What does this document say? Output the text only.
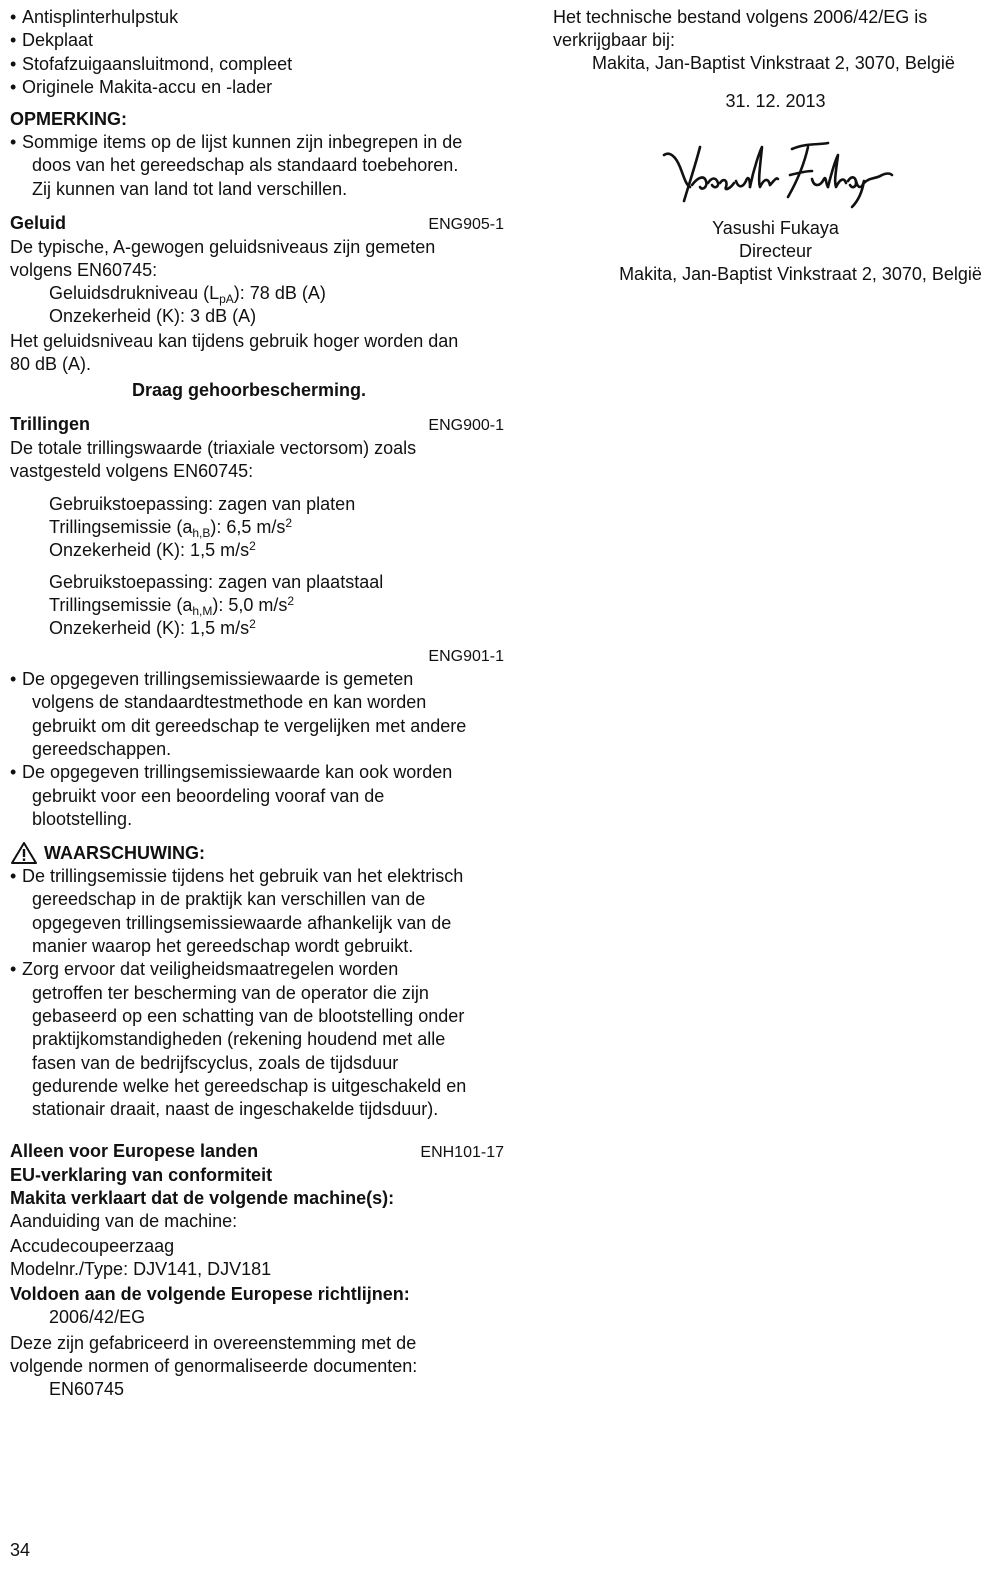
• Antisplinterhulpstuk
• Dekplaat
• Stofafzuigaansluitmond, compleet
• Originele Makita-accu en -lader
OPMERKING:
• Sommige items op de lijst kunnen zijn inbegrepen in de
doos van het gereedschap als standaard toebehoren.
Zij kunnen van land tot land verschillen.
Geluid	ENG905-1
De typische, A-gewogen geluidsniveaus zijn gemeten
volgens EN60745:
Geluidsdrukniveau $(L_{pA})$: 78 dB (A)
Onzekerheid (K): 3 dB (A)
Het geluidsniveau kan tijdens gebruik hoger worden dan
80 dB (A).
Draag gehoorbescherming.
Trillingen	ENG900-1
De totale trillingswaarde (triaxiale vectorsom) zoals
vastgesteld volgens EN60745:
Gebruikstoepassing: zagen van platen
Trillingsemissie $(a_{h,B})$: 6,5 $m/s^2$
Onzekerheid (K): 1,5 $m/s^2$
Gebruikstoepassing: zagen van plaatstaal
Trillingsemissie $(a_{h,M})$: 5,0 $m/s^2$
Onzekerheid (K): 1,5 $m/s^2$
ENG901-1
• De opgegeven trillingsemissiewaarde is gemeten
volgens de standaardtestmethode en kan worden
gebruikt om dit gereedschap te vergelijken met andere
gereedschappen.
• De opgegeven trillingsemissiewaarde kan ook worden
gebruikt voor een beoordeling vooraf van de
blootstelling.
WAARSCHUWING:
• De trillingsemissie tijdens het gebruik van het elektrisch
gereedschap in de praktijk kan verschillen van de
opgegeven trillingsemissiewaarde afhankelijk van de
manier waarop het gereedschap wordt gebruikt.
• Zorg ervoor dat veiligheidsmaatregelen worden
getroffen ter bescherming van de operator die zijn
gebaseerd op een schatting van de blootstelling onder
praktijkomstandigheden (rekening houdend met alle
fasen van de bedrijfscyclus, zoals de tijdsduur
gedurende welke het gereedschap is uitgeschakeld en
stationair draait, naast de ingeschakelde tijdsduur).
Alleen voor Europese landen	ENH101-17
EU-verklaring van conformiteit
Makita verklaart dat de volgende machine(s):
Aanduiding van de machine:
Accudecoupeerzaag
Modelnr./Type: DJV141, DJV181
Voldoen aan de volgende Europese richtlijnen:
2006/42/EG
Deze zijn gefabriceerd in overeenstemming met de
volgende normen of genormaliseerde documenten:
EN60745
Het technische bestand volgens 2006/42/EG is
verkrijgbaar bij:
Makita, Jan-Baptist Vinkstraat 2, 3070, België
31. 12. 2013
Yasushi Fukaya
Directeur
Makita, Jan-Baptist Vinkstraat 2, 3070, België
34
